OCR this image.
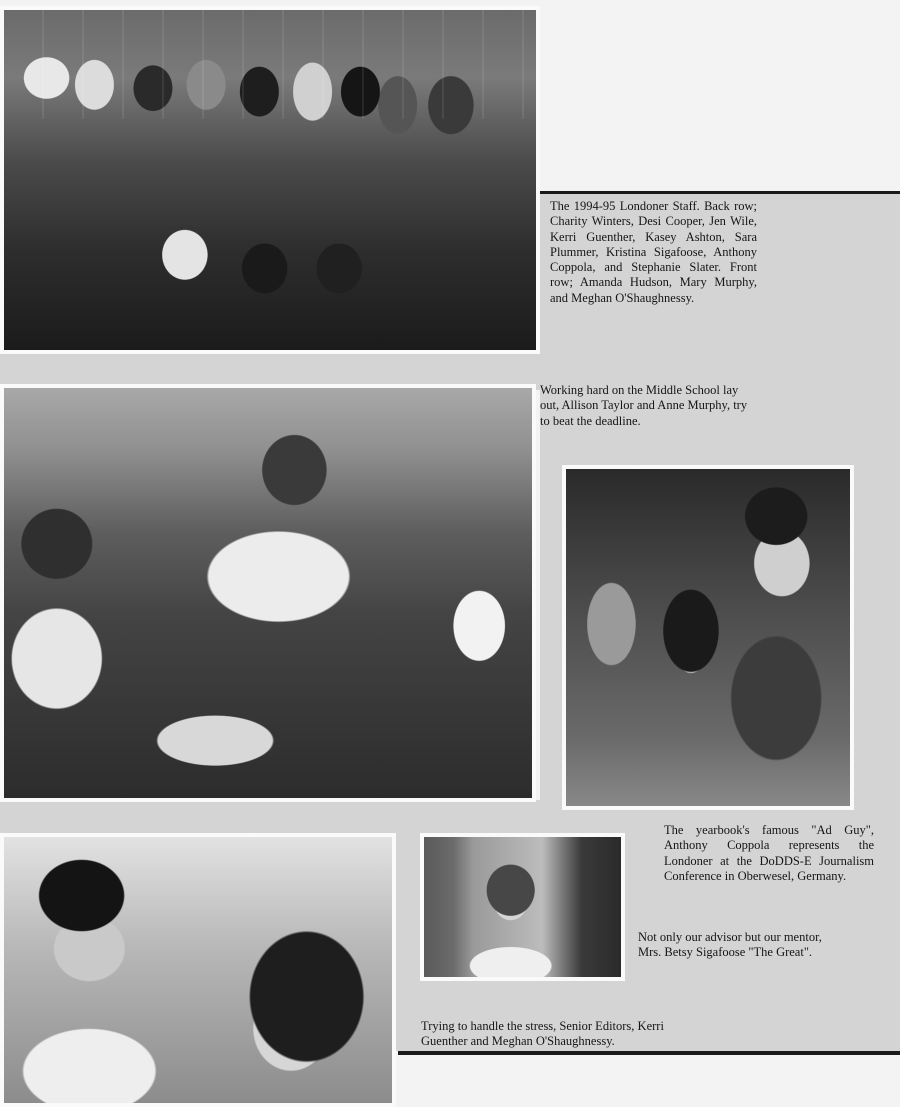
The 1994-95 Londoner Staff. Back row; Charity Winters, Desi Cooper, Jen Wile, Kerri Guenther, Kasey Ashton, Sara Plummer, Kristina Sigafoose, Anthony Coppola, and Stephanie Slater. Front row; Amanda Hudson, Mary Murphy, and Meghan O'Shaughnessy.
Working hard on the Middle School lay out, Allison Taylor and Anne Murphy, try to beat the deadline.
The yearbook's famous "Ad Guy", Anthony Coppola represents the Londoner at the DoDDS-E Journalism Conference in Oberwesel, Germany.
Not only our advisor but our mentor, Mrs. Betsy Sigafoose "The Great".
Trying to handle the stress, Senior Editors, Kerri Guenther and Meghan O'Shaughnessy.
